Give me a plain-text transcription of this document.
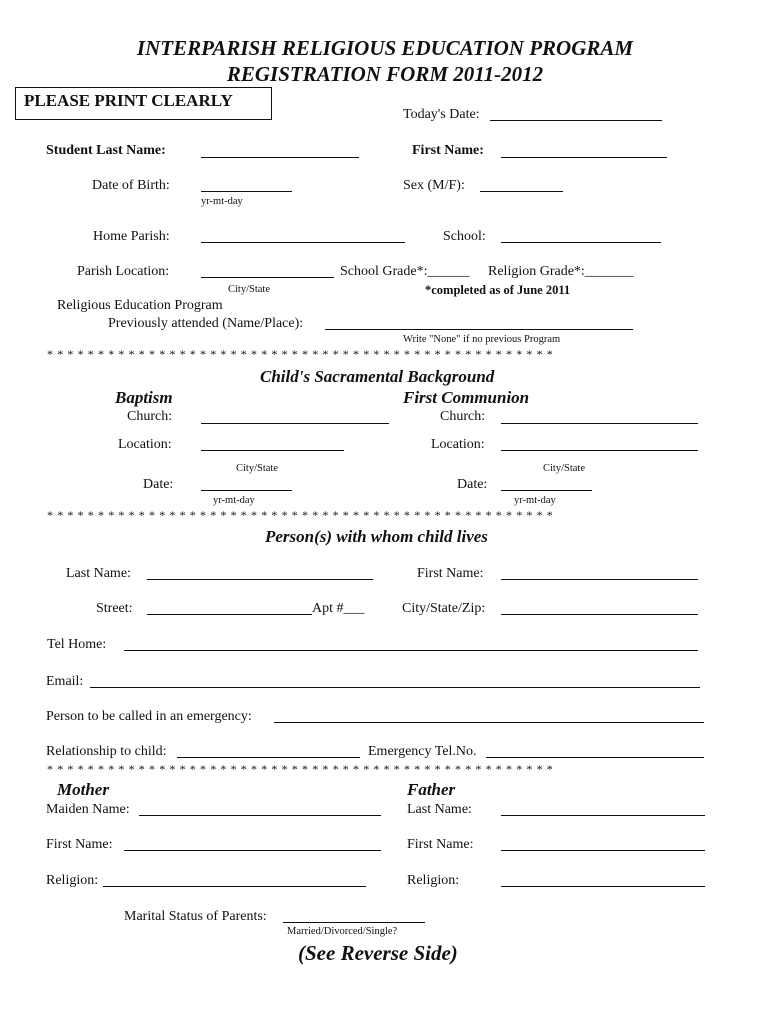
INTERPARISH RELIGIOUS EDUCATION PROGRAM
REGISTRATION FORM 2011-2012
PLEASE PRINT CLEARLY
Today's Date:
Student Last Name:	First Name:
Date of Birth:
yr-mt-day
Sex (M/F):
Home Parish:	School:
Parish Location:
City/State
School Grade*:______ Religion Grade*:_______
*completed as of June 2011
Religious Education Program
Previously attended (Name/Place):
Write "None" if no previous Program
**************************************************
Child's Sacramental Background
Baptism	First Communion
Church:	Church:
Location:	Location:
City/State	City/State
Date:
yr-mt-day
Date:
yr-mt-day
**************************************************
Person(s) with whom child lives
Last Name:	First Name:
Street:	Apt #___	City/State/Zip:
Tel Home:
Email:
Person to be called in an emergency:
Relationship to child:	Emergency Tel.No.
**************************************************
Mother	Father
Maiden Name:	Last Name:
First Name:	First Name:
Religion:	Religion:
Marital Status of Parents:
Married/Divorced/Single?
(See Reverse Side)
